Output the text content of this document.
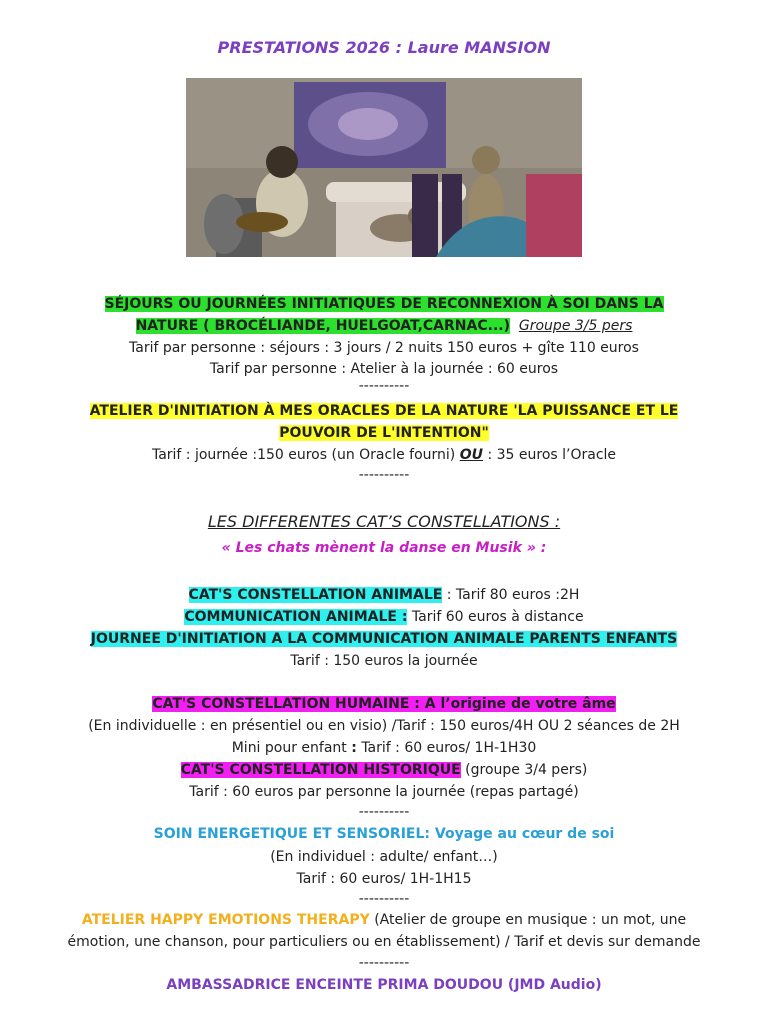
PRESTATIONS 2026 : Laure MANSION
SÉJOURS OU JOURNÉES INITIATIQUES DE RECONNEXION À SOI DANS LA
NATURE ( BROCÉLIANDE, HUELGOAT,CARNAC...) Groupe 3/5 pers
Tarif par personne : séjours : 3 jours / 2 nuits 150 euros + gîte 110 euros
Tarif par personne : Atelier à la journée : 60 euros
----------
ATELIER D'INITIATION À MES ORACLES DE LA NATURE 'LA PUISSANCE ET LE
POUVOIR DE L'INTENTION"
Tarif : journée :150 euros (un Oracle fourni) OU : 35 euros l’Oracle
----------
LES DIFFERENTES CAT’S CONSTELLATIONS :
« Les chats mènent la danse en Musik » :
CAT'S CONSTELLATION ANIMALE : Tarif 80 euros :2H
COMMUNICATION ANIMALE : Tarif 60 euros à distance
JOURNEE D'INITIATION A LA COMMUNICATION ANIMALE PARENTS ENFANTS
Tarif : 150 euros la journée
CAT'S CONSTELLATION HUMAINE : A l’origine de votre âme
(En individuelle : en présentiel ou en visio) /Tarif : 150 euros/4H OU 2 séances de 2H
Mini pour enfant : Tarif : 60 euros/ 1H-1H30
CAT'S CONSTELLATION HISTORIQUE (groupe 3/4 pers)
Tarif : 60 euros par personne la journée (repas partagé)
----------
SOIN ENERGETIQUE ET SENSORIEL: Voyage au cœur de soi
(En individuel : adulte/ enfant…)
Tarif : 60 euros/ 1H-1H15
----------
ATELIER HAPPY EMOTIONS THERAPY (Atelier de groupe en musique : un mot, une
émotion, une chanson, pour particuliers ou en établissement) / Tarif et devis sur demande
----------
AMBASSADRICE ENCEINTE PRIMA DOUDOU (JMD Audio)
